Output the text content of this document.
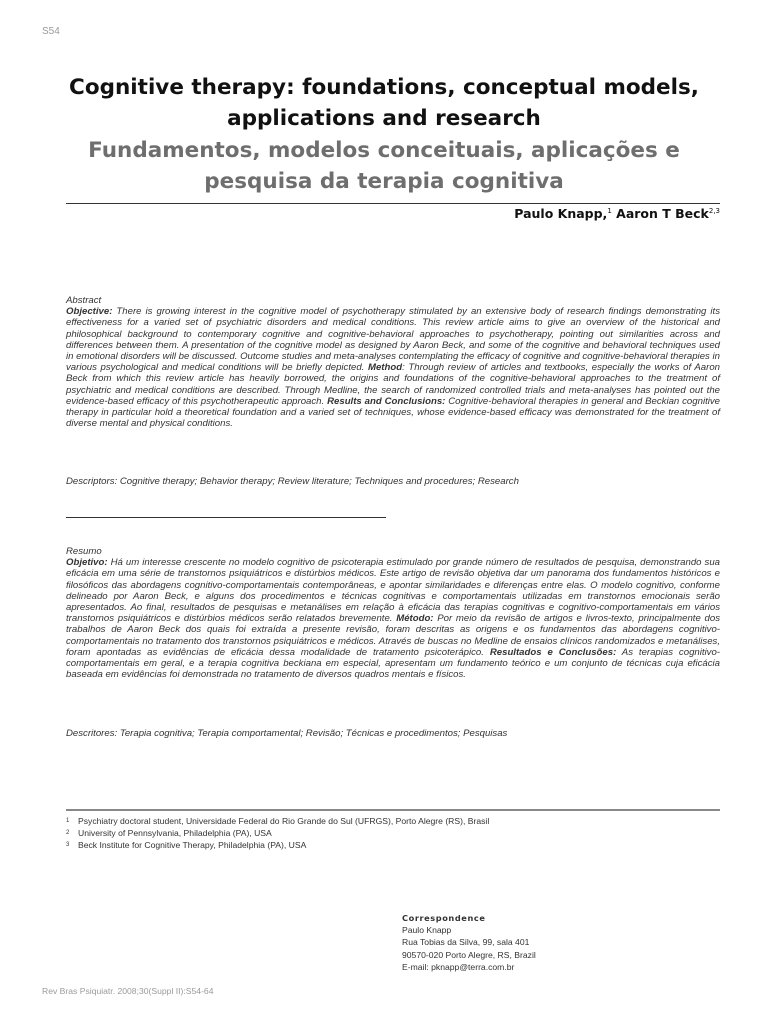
S54
Cognitive therapy: foundations, conceptual models, applications and research
Fundamentos, modelos conceituais, aplicações e pesquisa da terapia cognitiva
Paulo Knapp,$^1$ Aaron T Beck$^{2,3}$
Abstract
Objective: There is growing interest in the cognitive model of psychotherapy stimulated by an extensive body of research findings demonstrating its effectiveness for a varied set of psychiatric disorders and medical conditions. This review article aims to give an overview of the historical and philosophical background to contemporary cognitive and cognitive-behavioral approaches to psychotherapy, pointing out similarities across and differences between them. A presentation of the cognitive model as designed by Aaron Beck, and some of the cognitive and behavioral techniques used in emotional disorders will be discussed. Outcome studies and meta-analyses contemplating the efficacy of cognitive and cognitive-behavioral therapies in various psychological and medical conditions will be briefly depicted. Method: Through review of articles and textbooks, especially the works of Aaron Beck from which this review article has heavily borrowed, the origins and foundations of the cognitive-behavioral approaches to the treatment of psychiatric and medical conditions are described. Through Medline, the search of randomized controlled trials and meta-analyses has pointed out the evidence-based efficacy of this psychotherapeutic approach. Results and Conclusions: Cognitive-behavioral therapies in general and Beckian cognitive therapy in particular hold a theoretical foundation and a varied set of techniques, whose evidence-based efficacy was demonstrated for the treatment of diverse mental and physical conditions.
Descriptors: Cognitive therapy; Behavior therapy; Review literature; Techniques and procedures; Research
Resumo
Objetivo: Há um interesse crescente no modelo cognitivo de psicoterapia estimulado por grande número de resultados de pesquisa, demonstrando sua eficácia em uma série de transtornos psiquiátricos e distúrbios médicos. Este artigo de revisão objetiva dar um panorama dos fundamentos históricos e filosóficos das abordagens cognitivo-comportamentais contemporâneas, e apontar similaridades e diferenças entre elas. O modelo cognitivo, conforme delineado por Aaron Beck, e alguns dos procedimentos e técnicas cognitivas e comportamentais utilizadas em transtornos emocionais serão apresentados. Ao final, resultados de pesquisas e metanálises em relação à eficácia das terapias cognitivas e cognitivo-comportamentais em vários transtornos psiquiátricos e distúrbios médicos serão relatados brevemente. Método: Por meio da revisão de artigos e livros-texto, principalmente dos trabalhos de Aaron Beck dos quais foi extraída a presente revisão, foram descritas as origens e os fundamentos das abordagens cognitivo-comportamentais no tratamento dos transtornos psiquiátricos e médicos. Através de buscas no Medline de ensaios clínicos randomizados e metanálises, foram apontadas as evidências de eficácia dessa modalidade de tratamento psicoterápico. Resultados e Conclusões: As terapias cognitivo-comportamentais em geral, e a terapia cognitiva beckiana em especial, apresentam um fundamento teórico e um conjunto de técnicas cuja eficácia baseada em evidências foi demonstrada no tratamento de diversos quadros mentais e físicos.
Descritores: Terapia cognitiva; Terapia comportamental; Revisão; Técnicas e procedimentos; Pesquisas
1 Psychiatry doctoral student, Universidade Federal do Rio Grande do Sul (UFRGS), Porto Alegre (RS), Brasil
2 University of Pennsylvania, Philadelphia (PA), USA
3 Beck Institute for Cognitive Therapy, Philadelphia (PA), USA
Correspondence
Paulo Knapp
Rua Tobias da Silva, 99, sala 401
90570-020 Porto Alegre, RS, Brazil
E-mail: pknapp@terra.com.br
Rev Bras Psiquiatr. 2008;30(Suppl II):S54-64
